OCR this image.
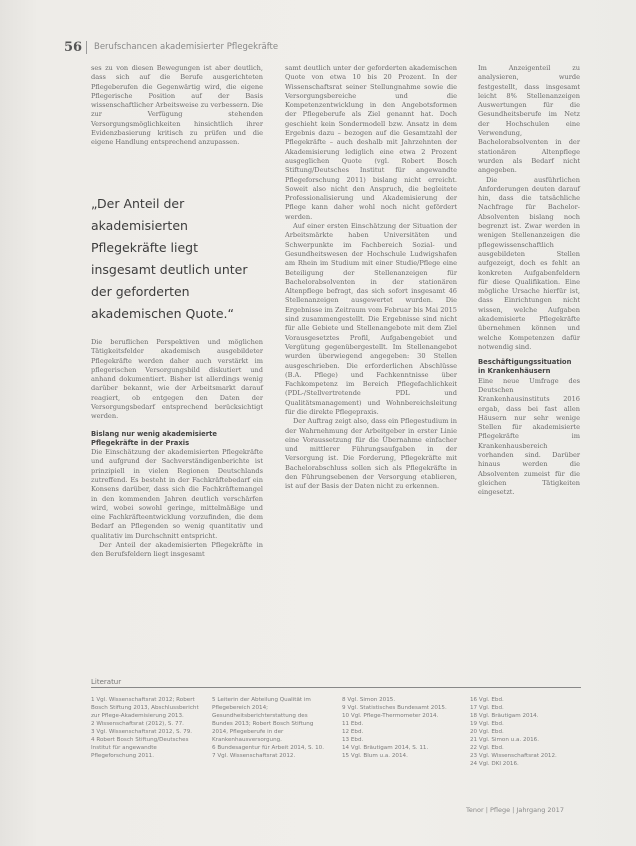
56 Berufschancen akademisierter Pflegekräfte

ses zu von diesen Bewegungen ist aber deutlich, dass sich auf die Berufe ausgerichteten Pflegeberufen die Gegenwärtig wird, die eigene Pflegerische Position auf der Basis wissenschaftlicher Arbeitsweise zu verbessern. Die zur Verfügung stehenden Versorgungsmöglichkeiten hinsichtlich ihrer Evidenzbasierung kritisch zu prüfen und die eigene Handlung entsprechend anzupassen.

„Der Anteil der akademisierten Pflegekräfte liegt insgesamt deutlich unter der geforderten akademischen Quote.“

Die beruflichen Perspektiven und möglichen Tätigkeitsfelder akademisch ausgebildeter Pflegekräfte werden daher auch verstärkt im pflegerischen Versorgungsbild diskutiert und anhand dokumentiert. Bisher ist allerdings wenig darüber bekannt, wie der Arbeitsmarkt darauf reagiert, ob entgegen den Daten der Versorgungsbedarf entsprechend berücksichtigt werden.

Bislang nur wenig akademisierte Pflegekräfte in der Praxis

Die Einschätzung der akademisierten Pflegekräfte und aufgrund der Sachverständigenberichte ist prinzipiell in vielen Regionen Deutschlands zutreffend. Es besteht in der Fachkräftebedarf ein Konsens darüber, dass sich die Fachkräftemangel in den kommenden Jahren deutlich verschärfen wird, wobei sowohl geringe, mittelmäßige und eine Fachkräfteentwicklung vorzufinden, die dem Bedarf an Pflegenden so wenig quantitativ und qualitativ im Durchschnitt entspricht.

Der Anteil der akademisierten Pflegekräfte in den Berufsfeldern liegt insgesamt

samt deutlich unter der geforderten akademischen Quote von etwa 10 bis 20 Prozent. In der Wissenschaftsrat seiner Stellungnahme sowie die Versorgungsbereiche und die Kompetenzentwicklung in den Angebotsformen der Pflegeberufe als Ziel genannt hat. Doch geschieht kein Sondermodell bzw. Ansatz in dem Ergebnis dazu – bezogen auf die Gesamtzahl der Pflegekräfte – auch deshalb mit Jahrzehnten der Akademisierung lediglich eine etwa 2 Prozent ausgeglichen Quote (vgl. Robert Bosch Stiftung/Deutsches Institut für angewandte Pflegeforschung 2011) bislang nicht erreicht. Soweit also nicht den Anspruch, die begleitete Professionalisierung und Akademisierung der Pflege kann daher wohl noch nicht gefördert werden.

Auf einer ersten Einschätzung der Situation der Arbeitsmärkte haben Universitäten und Schwerpunkte im Fachbereich Sozial- und Gesundheitswesen der Hochschule Ludwigshafen am Rhein im Studium mit einer Studie/Pflege eine Beteiligung der Stellenanzeigen für Bachelorabsolventen in der stationären Altenpflege befragt, das sich sofort insgesamt 46 Stellenanzeigen ausgewertet wurden. Die Ergebnisse im Zeitraum vom Februar bis Mai 2015 sind zusammengestellt. Die Ergebnisse sind nicht für alle Gebiete und Stellenangebote mit dem Ziel Vorausgesetztes Profil, Aufgabengebiet und Vergütung gegenübergestellt. Im Stellenangebot wurden überwiegend angegeben: 30 Stellen ausgeschrieben. Die erforderlichen Abschlüsse (B.A. Pflege) und Fachkenntnisse über Fachkompetenz im Bereich Pflegefachlichkeit (PDL-/Stellvertretende PDL und Qualitätsmanagement) und Wohnbereichsleitung für die direkte Pflegepraxis.

Der Auftrag zeigt also, dass ein Pflegestudium in der Wahrnehmung der Arbeitgeber in erster Linie eine Voraussetzung für die Übernahme einfacher und mittlerer Führungsaufgaben in der Versorgung ist. Die Forderung, Pflegekräfte mit Bachelorabschluss sollen sich als Pflegekräfte in den Führungsebenen der Versorgung etablieren, ist auf der Basis der Daten nicht zu erkennen.

Im Anzeigenteil zu analysieren, wurde festgestellt, dass insgesamt leicht 8% Stellenanzeigen Auswertungen für die Gesundheitsberufe im Netz der Hochschulen eine Verwendung, Bachelorabsolventen in der stationären Altenpflege wurden als Bedarf nicht angegeben.

Die ausführlichen Anforderungen deuten darauf hin, dass die tatsächliche Nachfrage für Bachelor-Absolventen bislang noch begrenzt ist. Zwar werden in wenigen Stellenanzeigen die pflegewissenschaftlich ausgebildeten Stellen aufgezeigt, doch es fehlt an konkreten Aufgabenfeldern für diese Qualifikation. Eine mögliche Ursache hierfür ist, dass Einrichtungen nicht wissen, welche Aufgaben akademisierte Pflegekräfte übernehmen können und welche Kompetenzen dafür notwendig sind.

Beschäftigungssituation in Krankenhäusern

Eine neue Umfrage des Deutschen Krankenhausinstituts 2016 ergab, dass bei fast allen Häusern nur sehr wenige Stellen für akademisierte Pflegekräfte im Krankenhausbereich vorhanden sind. Darüber hinaus werden die Absolventen zumeist für die gleichen Tätigkeiten eingesetzt.

Literatur

1 Vgl. Wissenschaftsrat 2012; Robert Bosch Stiftung 2013, Abschlussbericht zur Pflege-Akademisierung 2013.

2 Wissenschaftsrat (2012), S. 77.

3 Vgl. Wissenschaftsrat 2012, S. 79.

4 Robert Bosch Stiftung/Deutsches Institut für angewandte Pflegeforschung 2011.

5 Leiterin der Abteilung Qualität im Pflegebereich 2014; Gesundheitsberichterstattung des Bundes 2013; Robert Bosch Stiftung 2014, Pflegeberufe in der Krankenhausversorgung.

6 Bundesagentur für Arbeit 2014, S. 10.

7 Vgl. Wissenschaftsrat 2012.

8 Vgl. Simon 2015.

9 Vgl. Statistisches Bundesamt 2015.

10 Vgl. Pflege-Thermometer 2014.

11 Ebd.

12 Ebd.

13 Ebd.

14 Vgl. Bräutigam 2014, S. 11.

15 Vgl. Blum u.a. 2014.

16 Vgl. Ebd.

17 Vgl. Ebd.

18 Vgl. Bräutigam 2014.

19 Vgl. Ebd.

20 Vgl. Ebd.

21 Vgl. Simon u.a. 2016.

22 Vgl. Ebd.

23 Vgl. Wissenschaftsrat 2012.

24 Vgl. DKI 2016.

Tenor | Pflege | Jahrgang 2017
